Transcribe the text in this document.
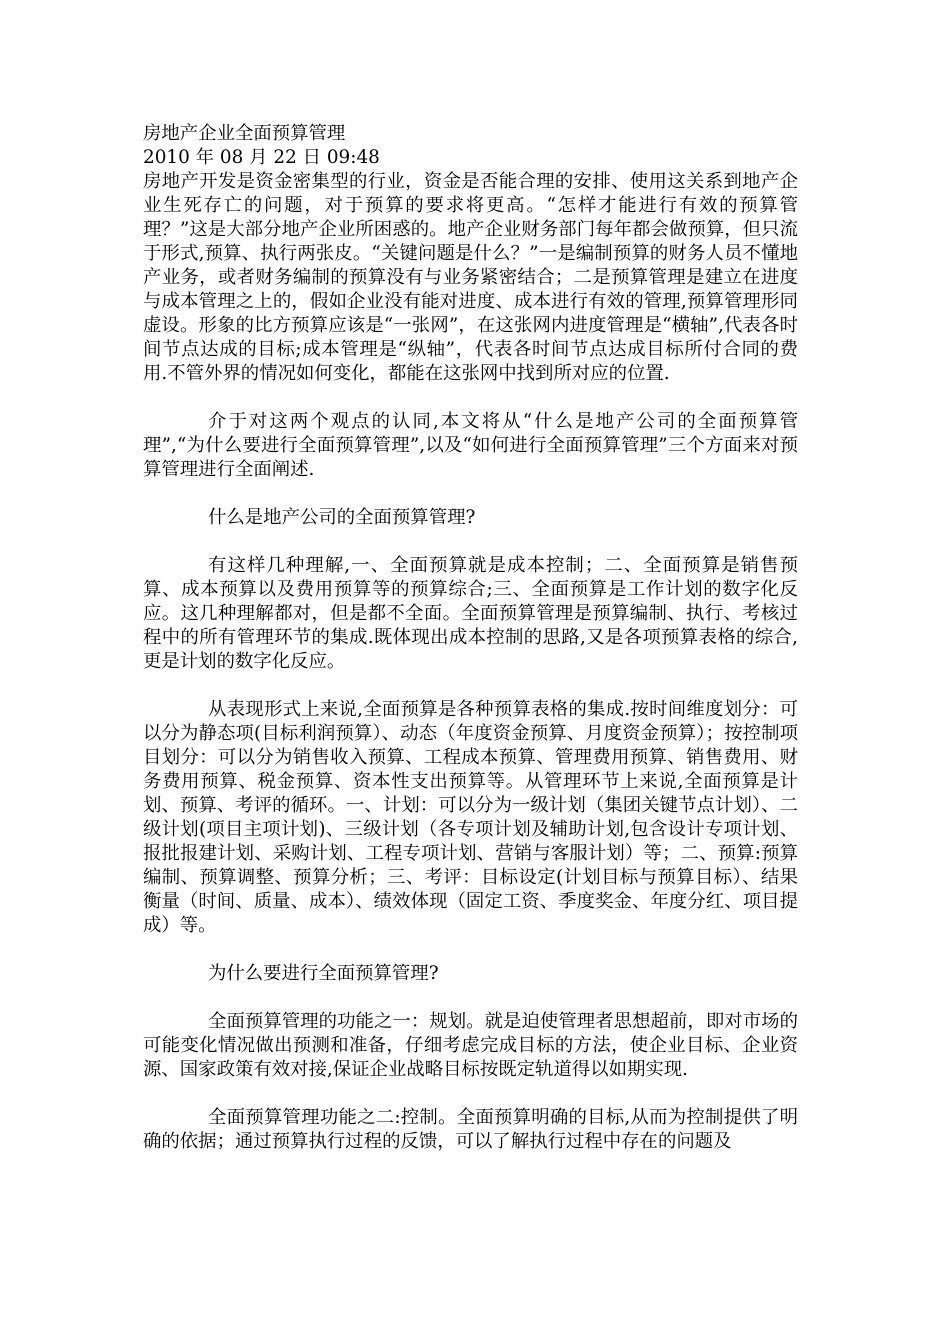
房地产企业全面预算管理

2010 年 08 月 22 日 09:48

房地产开发是资金密集型的行业，资金是否能合理的安排、使用这关系到地产企业生死存亡的问题，对于预算的要求将更高。“怎样才能进行有效的预算管理？”这是大部分地产企业所困惑的。地产企业财务部门每年都会做预算，但只流于形式,预算、执行两张皮。“关键问题是什么？”一是编制预算的财务人员不懂地产业务，或者财务编制的预算没有与业务紧密结合；二是预算管理是建立在进度与成本管理之上的，假如企业没有能对进度、成本进行有效的管理,预算管理形同虚设。形象的比方预算应该是“一张网”，在这张网内进度管理是“横轴”,代表各时间节点达成的目标;成本管理是“纵轴”，代表各时间节点达成目标所付合同的费用.不管外界的情况如何变化，都能在这张网中找到所对应的位置.

介于对这两个观点的认同,本文将从“什么是地产公司的全面预算管理”,“为什么要进行全面预算管理”,以及“如何进行全面预算管理”三个方面来对预算管理进行全面阐述.

什么是地产公司的全面预算管理?

有这样几种理解,一、全面预算就是成本控制；二、全面预算是销售预算、成本预算以及费用预算等的预算综合;三、全面预算是工作计划的数字化反应。这几种理解都对，但是都不全面。全面预算管理是预算编制、执行、考核过程中的所有管理环节的集成.既体现出成本控制的思路,又是各项预算表格的综合,更是计划的数字化反应。

从表现形式上来说,全面预算是各种预算表格的集成.按时间维度划分：可以分为静态项(目标利润预算）、动态（年度资金预算、月度资金预算）；按控制项目划分：可以分为销售收入预算、工程成本预算、管理费用预算、销售费用、财务费用预算、税金预算、资本性支出预算等。从管理环节上来说,全面预算是计划、预算、考评的循环。一、计划：可以分为一级计划（集团关键节点计划）、二级计划(项目主项计划)、三级计划（各专项计划及辅助计划,包含设计专项计划、报批报建计划、采购计划、工程专项计划、营销与客服计划）等；二、预算:预算编制、预算调整、预算分析；三、考评：目标设定(计划目标与预算目标）、结果衡量（时间、质量、成本）、绩效体现（固定工资、季度奖金、年度分红、项目提成）等。

为什么要进行全面预算管理?

全面预算管理的功能之一：规划。就是迫使管理者思想超前，即对市场的可能变化情况做出预测和准备，仔细考虑完成目标的方法，使企业目标、企业资源、国家政策有效对接,保证企业战略目标按既定轨道得以如期实现.

全面预算管理功能之二:控制。全面预算明确的目标,从而为控制提供了明确的依据；通过预算执行过程的反馈，可以了解执行过程中存在的问题及
